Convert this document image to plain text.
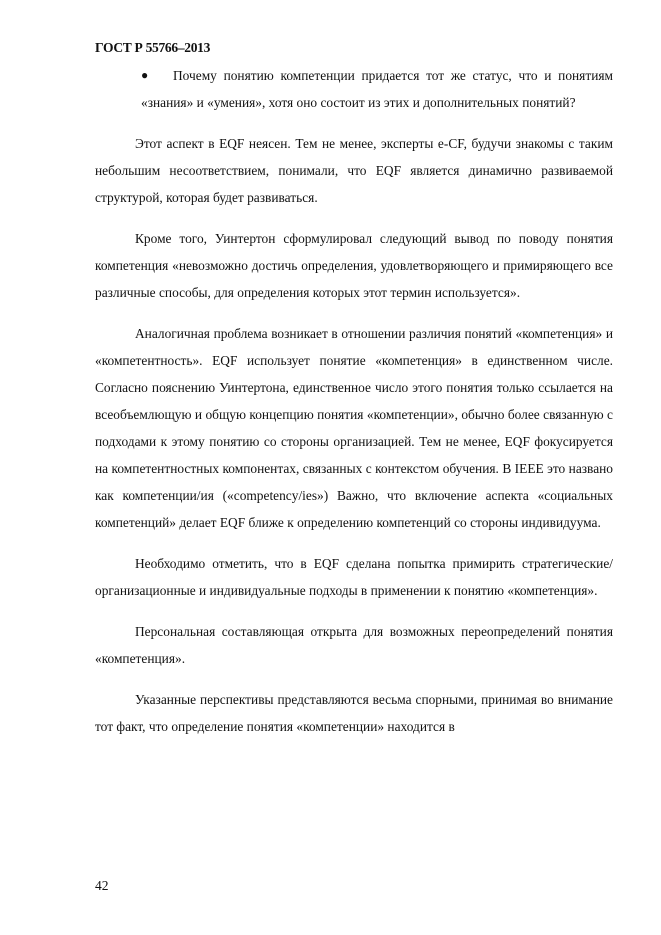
ГОСТ Р 55766–2013
●	Почему понятию компетенции придается тот же статус, что и понятиям «знания» и «умения», хотя оно состоит из этих и дополнительных понятий?

Этот аспект в EQF неясен. Тем не менее, эксперты e-CF, будучи знакомы с таким небольшим несоответствием, понимали, что EQF является динамично развиваемой структурой, которая будет развиваться.

Кроме того, Уинтертон сформулировал следующий вывод по поводу понятия компетенция «невозможно достичь определения, удовлетворяющего и примиряющего все различные способы, для определения которых этот термин используется».

Аналогичная проблема возникает в отношении различия понятий «компетенция» и «компетентность». EQF использует понятие «компетенция» в единственном числе. Согласно пояснению Уинтертона, единственное число этого понятия только ссылается на всеобъемлющую и общую концепцию понятия «компетенции», обычно более связанную с подходами к этому понятию со стороны организацией. Тем не менее, EQF фокусируется на компетентностных компонентах, связанных с контекстом обучения. В IEEE это названо как компетенции/ия («competency/ies») Важно, что включение аспекта «социальных компетенций» делает EQF ближе к определению компетенций со стороны индивидуума.

Необходимо отметить, что в EQF сделана попытка примирить стратегические/организационные и индивидуальные подходы в применении к понятию «компетенция».

Персональная составляющая открыта для возможных переопределений понятия «компетенция».

Указанные перспективы представляются весьма спорными, принимая во внимание тот факт, что определение понятия «компетенции» находится в

42
